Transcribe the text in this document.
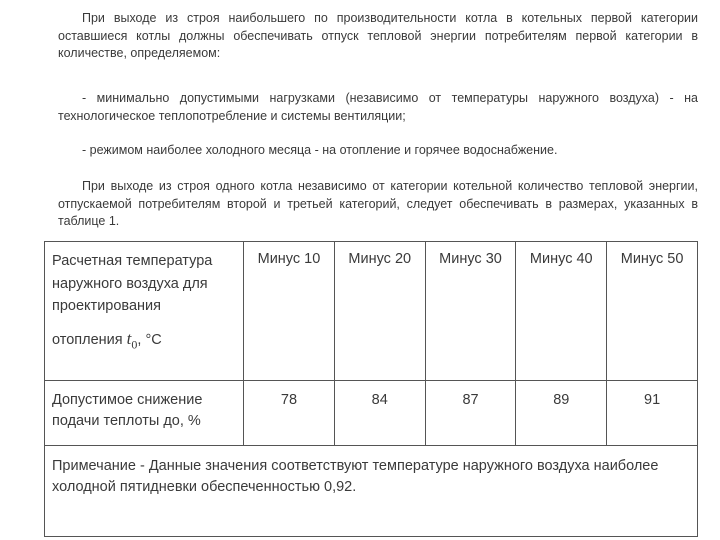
При выходе из строя наибольшего по производительности котла в котельных первой категории оставшиеся котлы должны обеспечивать отпуск тепловой энергии потребителям первой категории в количестве, определяемом:

- минимально допустимыми нагрузками (независимо от температуры наружного воздуха) - на технологическое теплопотребление и системы вентиляции;

- режимом наиболее холодного месяца - на отопление и горячее водоснабжение.

При выходе из строя одного котла независимо от категории котельной количество тепловой энергии, отпускаемой потребителям второй и третьей категорий, следует обеспечивать в размерах, указанных в таблице 1.

Расчетная температура наружного воздуха для проектирования
отопления $t_0$, °C	Минус 10	Минус 20	Минус 30	Минус 40	Минус 50
Допустимое снижение подачи теплоты до, %	78	84	87	89	91
Примечание - Данные значения соответствуют температуре наружного воздуха наиболее холодной пятидневки обеспеченностью 0,92.					
